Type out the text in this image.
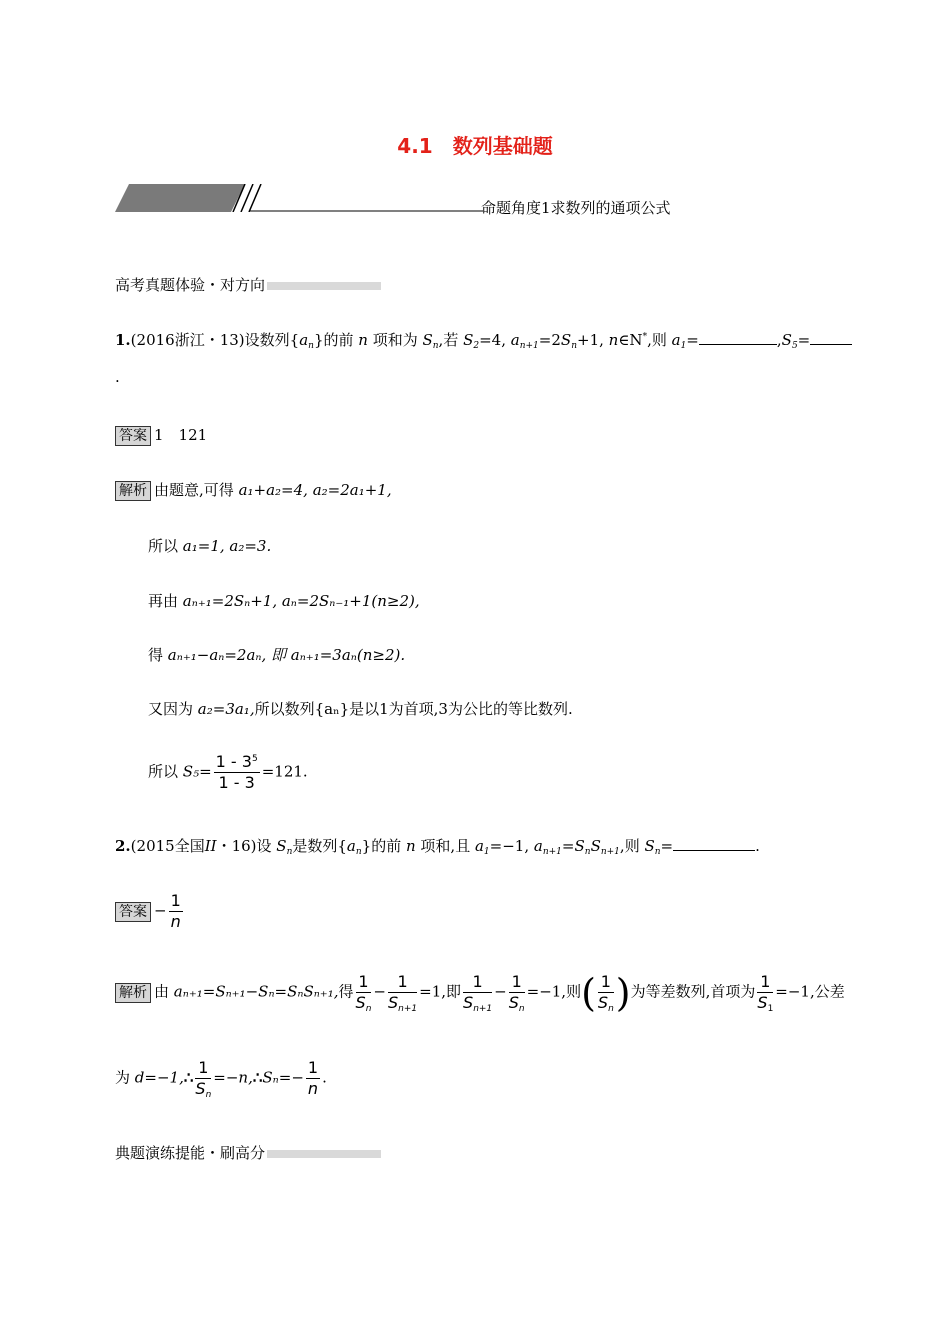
4.1　数列基础题
命题角度1求数列的通项公式
高考真题体验・对方向
1.(2016浙江・13)设数列$\{a_n\}$的前 n 项和为 $S_n$,若 $S_2=4$, $a_{n+1}=2S_n+1$, n∈N*,则 $a_1=$	$,S_5=$
.
答案 1　121
解析 由题意,可得 a₁+a₂=4, a₂=2a₁+1,
所以 a₁=1, a₂=3.
再由 aₙ₊₁=2Sₙ+1, aₙ=2Sₙ₋₁+1(n≥2),
得 aₙ₊₁−aₙ=2aₙ, 即 aₙ₊₁=3aₙ(n≥2).
又因为 a₂=3a₁,所以数列{aₙ}是以1为首项,3为公比的等比数列.
所以 $S_5= \frac{1 - 3^5}{1 - 3} =121$.
2.(2015全国II・16)设 $S_n$是数列$\{a_n\}$的前 n 项和,且 $a_1=-1$, $a_{n+1}=S_nS_{n+1}$,则 $S_n=$	.
答案 − $\frac{1}{n}$
解析 由 aₙ₊₁=Sₙ₊₁−Sₙ=SₙSₙ₊₁,得 $\frac{1}{S_n} - \frac{1}{S_{n+1}} =1$,即 $\frac{1}{S_{n+1}} - \frac{1}{S_n} =-1$,则( $\frac{1}{S_n}$ )为等差数列,首项为 $\frac{1}{S_1} =-1$,公差
为 d=−1,∴ $\frac{1}{S_n}$ =−n,∴Sₙ=− $\frac{1}{n}$ .
典题演练提能・刷高分
